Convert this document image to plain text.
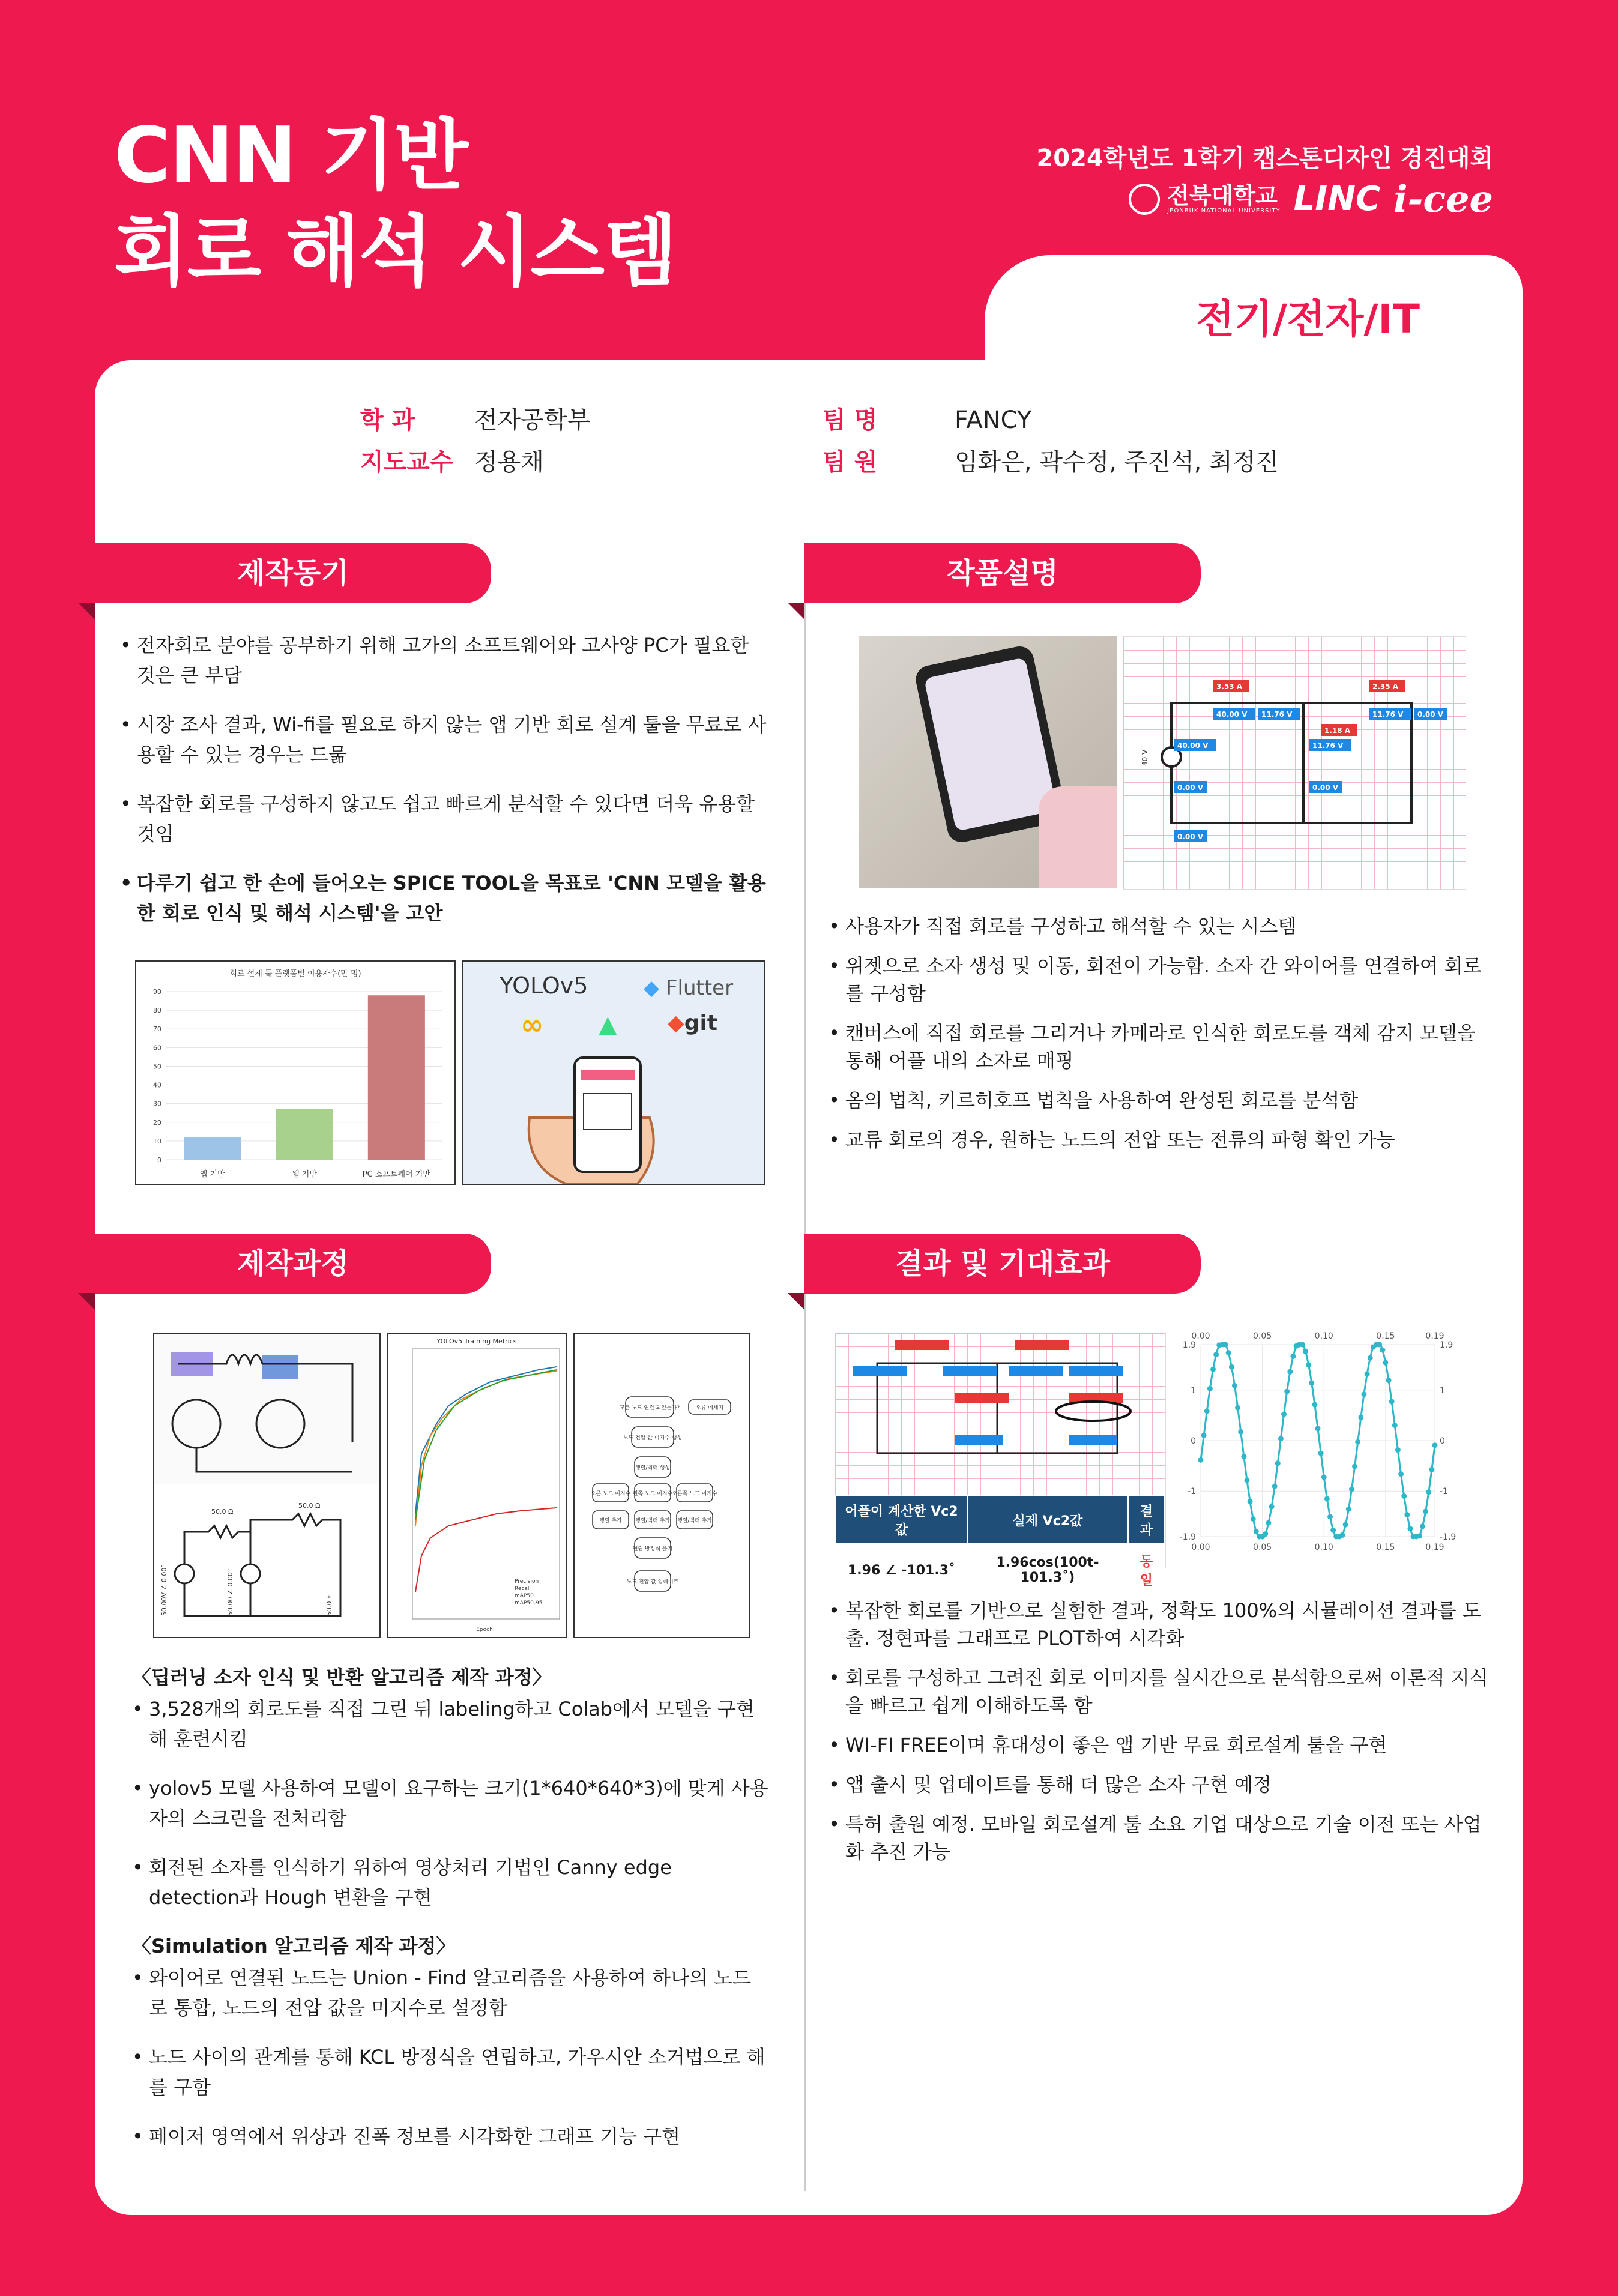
CNN 기반
회로 해석 시스템
2024학년도 1학기 캡스톤디자인 경진대회
전북대학교
JEONBUK NATIONAL UNIVERSITY LINC i-cee
전기/전자/IT
학 과 전자공학부
지도교수 정용채
팀 명	FANCY
팀 원	임화은, 곽수정, 주진석, 최정진
제작동기
• 전자회로 분야를 공부하기 위해 고가의 소프트웨어와 고사양 PC가 필요한 것은 큰 부담
• 시장 조사 결과, Wi-fi를 필요로 하지 않는 앱 기반 회로 설계 툴을 무료로 사용할 수 있는 경우는 드묾
• 복잡한 회로를 구성하지 않고도 쉽고 빠르게 분석할 수 있다면 더욱 유용할 것임
• 다루기 쉽고 한 손에 들어오는 SPICE TOOL을 목표로 'CNN 모델을 활용한 회로 인식 및 해석 시스템'을 고안
회로 설계 툴 플랫폼별 이용자수(만 명)
0
10
20
30
40
50
60
70
80
90
앱 기반	웹 기반	PC 소프트웨어 기반
YOLOv5	◆ Flutter
∞ ▲ ◆git
작품설명
3.53 A	2.35 A
40.00 V 11.76 V
1.18 A
11.76 V 0.00 V
40.00 V	11.76 V
0.00 V	0.00 V
0.00 V
40 V
• 사용자가 직접 회로를 구성하고 해석할 수 있는 시스템
• 위젯으로 소자 생성 및 이동, 회전이 가능함. 소자 간 와이어를 연결하여 회로를 구성함
• 캔버스에 직접 회로를 그리거나 카메라로 인식한 회로도를 객체 감지 모델을 통해 어플 내의 소자로 매핑
• 옴의 법칙, 키르히호프 법칙을 사용하여 완성된 회로를 분석함
• 교류 회로의 경우, 원하는 노드의 전압 또는 전류의 파형 확인 가능
제작과정
50.0 Ω
50.0 Ω
50.00V ∠ 0.00°	50.00 ∠ 0.00°	50.0 F
YOLOv5 Training Metrics
Precision
Recall
mAP50
mAP50-95
Epoch
모든 노드 연결 되었는가?	오류 메세지
노드 전압 값 미지수 생성
행렬/벡터 생성
오른 노드 미지수 왼쪽 노드 미지수 오른쪽 노드 미지수
행렬 추가 행렬/벡터 추가 행렬/벡터 추가
연립 방정식 풀기
노드 전압 값 업데이트
〈딥러닝 소자 인식 및 반환 알고리즘 제작 과정〉
• 3,528개의 회로도를 직접 그린 뒤 labeling하고 Colab에서 모델을 구현해 훈련시킴
• yolov5 모델 사용하여 모델이 요구하는 크기(1*640*640*3)에 맞게 사용자의 스크린을 전처리함
• 회전된 소자를 인식하기 위하여 영상처리 기법인 Canny edge detection과 Hough 변환을 구현
〈Simulation 알고리즘 제작 과정〉
• 와이어로 연결된 노드는 Union - Find 알고리즘을 사용하여 하나의 노드로 통합, 노드의 전압 값을 미지수로 설정함
• 노드 사이의 관계를 통해 KCL 방정식을 연립하고, 가우시안 소거법으로 해를 구함
• 페이저 영역에서 위상과 진폭 정보를 시각화한 그래프 기능 구현
결과 및 기대효과
어플이 계산한 Vc2 값	실제 Vc2값	결과
1.96 ∠ -101.3˚	1.96cos(100t-101.3˚)	동일
1.9	1.9
1	1
0	0
-1	-1
-1.9	-1.9
0.00
0.00
0.05
0.05
0.10
0.10
0.15
0.15
0.19
0.19
• 복잡한 회로를 기반으로 실험한 결과, 정확도 100%의 시뮬레이션 결과를 도출. 정현파를 그래프로 PLOT하여 시각화
• 회로를 구성하고 그려진 회로 이미지를 실시간으로 분석함으로써 이론적 지식을 빠르고 쉽게 이해하도록 함
• WI-FI FREE이며 휴대성이 좋은 앱 기반 무료 회로설계 툴을 구현
• 앱 출시 및 업데이트를 통해 더 많은 소자 구현 예정
• 특허 출원 예정. 모바일 회로설계 툴 소요 기업 대상으로 기술 이전 또는 사업화 추진 가능
